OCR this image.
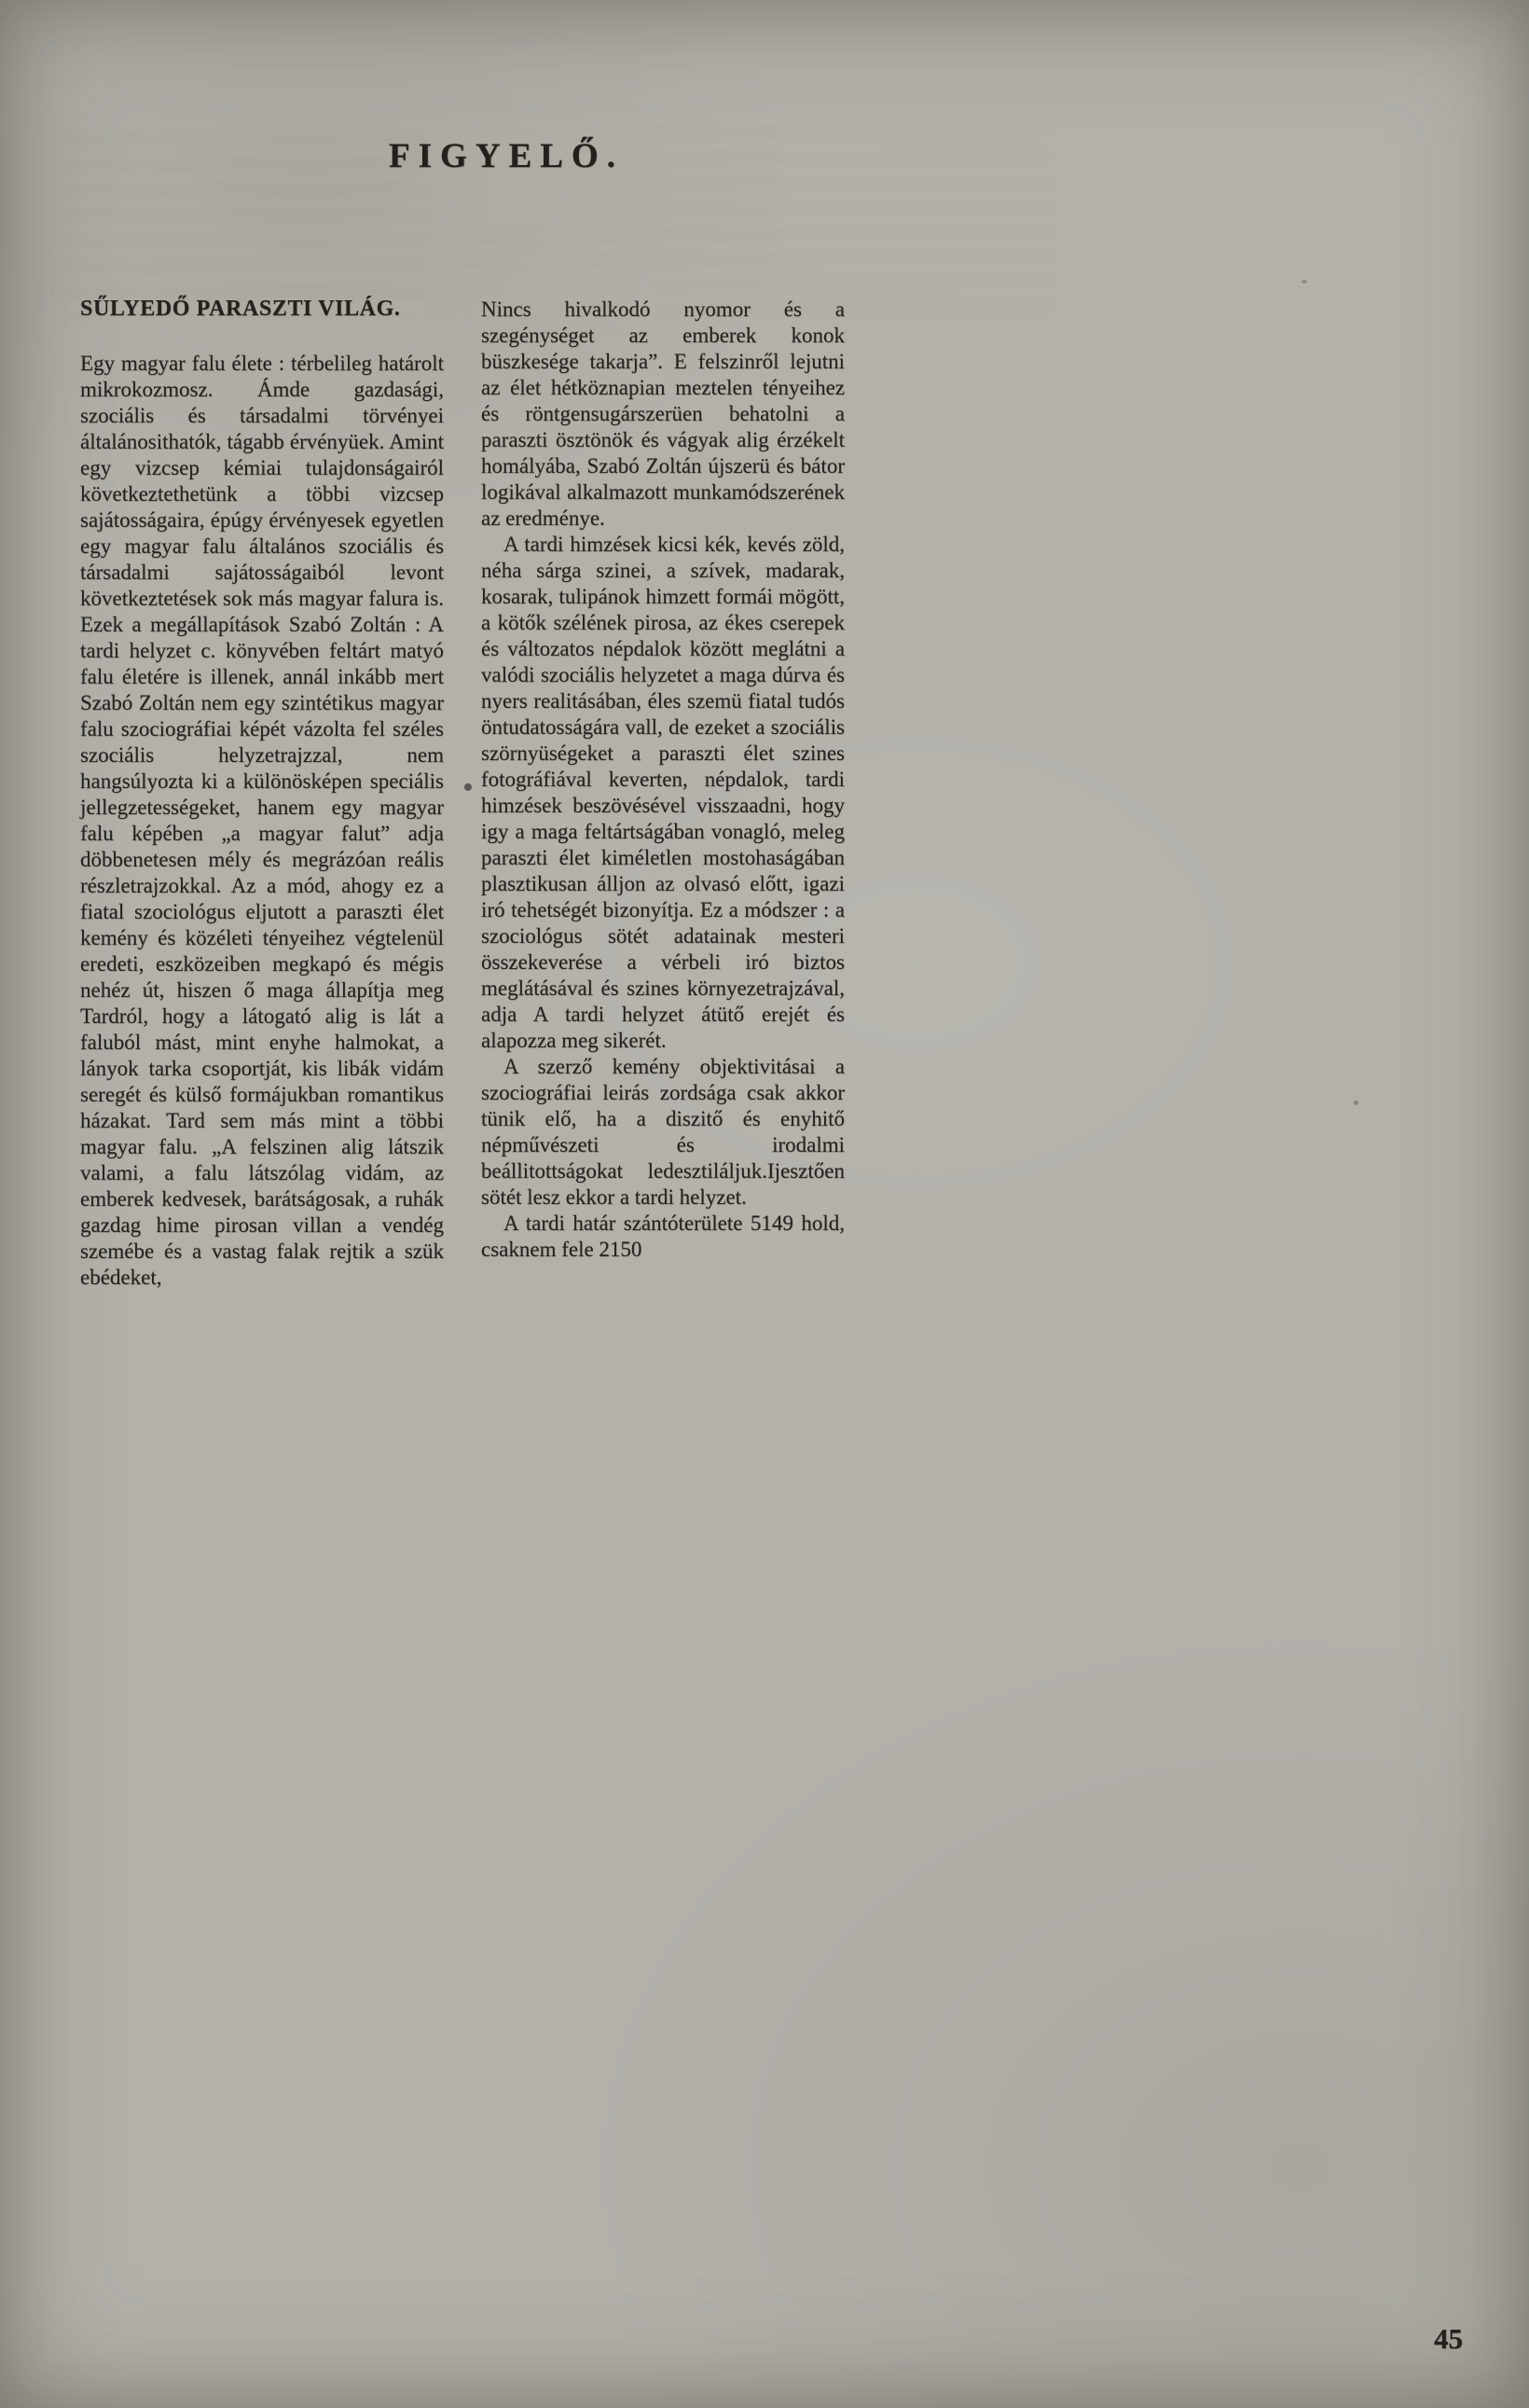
FIGYELŐ.
SŰLYEDŐ PARASZTI VILÁG.

Egy magyar falu élete : térbelileg határolt mikrokozmosz. Ámde gazdasági, szociális és társadalmi törvényei általánosithatók, tágabb érvényüek. Amint egy vizcsep kémiai tulajdonságairól következtethetünk a többi vizcsep sajátosságaira, épúgy érvényesek egyetlen egy magyar falu általános szociális és társadalmi sajátosságaiból levont következtetések sok más magyar falura is. Ezek a megállapítások Szabó Zoltán : A tardi helyzet c. könyvében feltárt matyó falu életére is illenek, annál inkább mert Szabó Zoltán nem egy szintétikus magyar falu szociográfiai képét vázolta fel széles szociális helyzetrajzzal, nem hangsúlyozta ki a különösképen speciális jellegzetességeket, hanem egy magyar falu képében „a magyar falut” adja döbbenetesen mély és megrázóan reális részletrajzokkal. Az a mód, ahogy ez a fiatal szociológus eljutott a paraszti élet kemény és közéleti tényeihez végtelenül eredeti, eszközeiben megkapó és mégis nehéz út, hiszen ő maga állapítja meg Tardról, hogy a látogató alig is lát a faluból mást, mint enyhe halmokat, a lányok tarka csoportját, kis libák vidám seregét és külső formájukban romantikus házakat. Tard sem más mint a többi magyar falu. „A felszinen alig látszik valami, a falu látszólag vidám, az emberek kedvesek, barátságosak, a ruhák gazdag hime pirosan villan a vendég szemébe és a vastag falak rejtik a szük ebédeket,

Nincs hivalkodó nyomor és a szegénységet az emberek konok büszkesége takarja”. E felszinről lejutni az élet hétköznapian meztelen tényeihez és röntgensugárszerüen behatolni a paraszti ösztönök és vágyak alig érzékelt homályába, Szabó Zoltán újszerü és bátor logikával alkalmazott munkamódszerének az eredménye.

A tardi himzések kicsi kék, kevés zöld, néha sárga szinei, a szívek, madarak, kosarak, tulipánok himzett formái mögött, a kötők szélének pirosa, az ékes cserepek és változatos népdalok között meglátni a valódi szociális helyzetet a maga dúrva és nyers realitásában, éles szemü fiatal tudós öntudatosságára vall, de ezeket a szociális szörnyüségeket a paraszti élet szines fotográfiával keverten, népdalok, tardi himzések beszövésével visszaadni, hogy igy a maga feltártságában vonagló, meleg paraszti élet kiméletlen mostohaságában plasztikusan álljon az olvasó előtt, igazi iró tehetségét bizonyítja. Ez a módszer : a szociológus sötét adatainak mesteri összekeverése a vérbeli iró biztos meglátásával és szines környezetrajzával, adja A tardi helyzet átütő erejét és alapozza meg sikerét.

A szerző kemény objektivitásai a szociográfiai leirás zordsága csak akkor tünik elő, ha a diszitő és enyhitő népművészeti és irodalmi beállitottságokat ledesztiláljuk.Ijesztően sötét lesz ekkor a tardi helyzet.

A tardi határ szántóterülete 5149 hold, csaknem fele 2150

45
